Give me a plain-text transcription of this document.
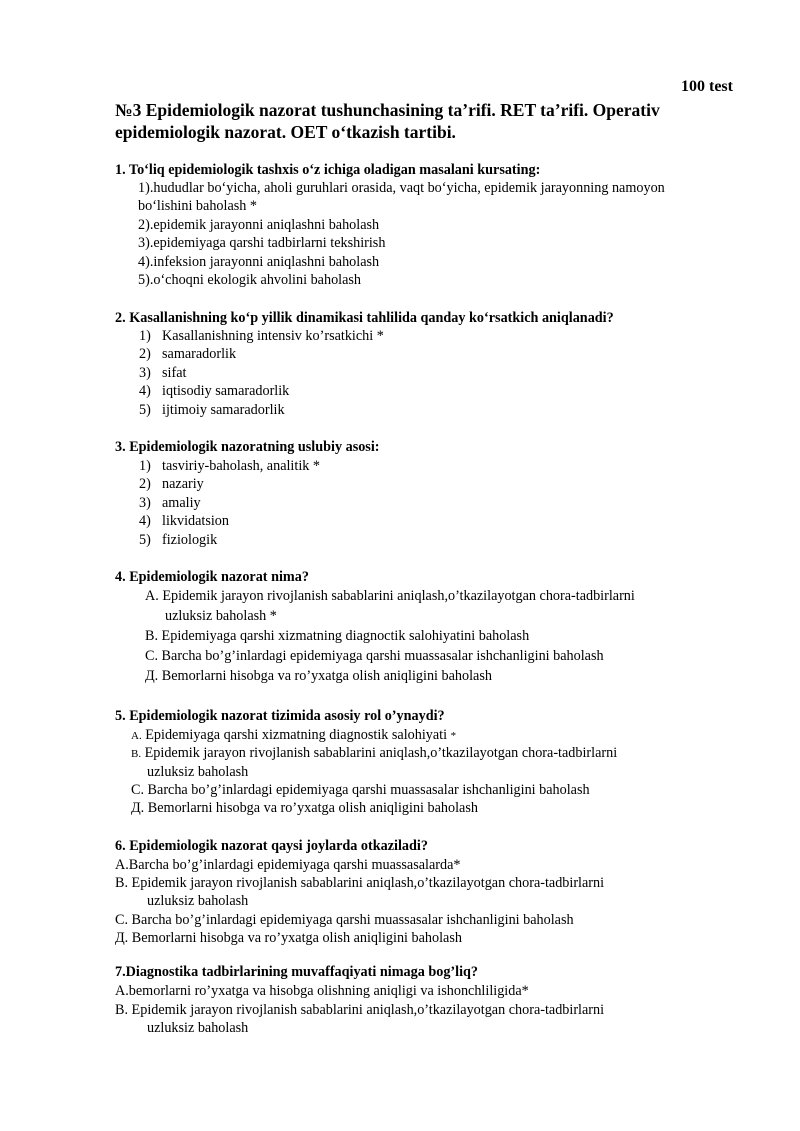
100 test
№3 Epidemiologik nazorat tushunchasining ta’rifi. RET ta’rifi. Operativ
epidemiologik nazorat. OET o‘tkazish tartibi.
1. To‘liq epidemiologik tashxis o‘z ichiga oladigan masalani kursating:
1).hududlar bo‘yicha, aholi guruhlari orasida, vaqt bo‘yicha, epidemik jarayonning namoyon
bo‘lishini baholash *
2).epidemik jarayonni aniqlashni baholash
3).epidemiyaga qarshi tadbirlarni tekshirish
4).infeksion jarayonni aniqlashni baholash
5).o‘choqni ekologik ahvolini baholash
2. Kasallanishning ko‘p yillik dinamikasi tahlilida qanday ko‘rsatkich aniqlanadi?
1) Kasallanishning intensiv ko’rsatkichi *
2) samaradorlik
3) sifat
4) iqtisodiy samaradorlik
5) ijtimoiy samaradorlik
3. Epidemiologik nazoratning uslubiy asosi:
1) tasviriy-baholash, analitik *
2) nazariy
3) amaliy
4) likvidatsion
5) fiziologik
4. Epidemiologik nazorat nima?
A. Epidemik jarayon rivojlanish sabablarini aniqlash,o’tkazilayotgan chora-tadbirlarni
uzluksiz baholash *
B. Epidemiyaga qarshi xizmatning diagnoctik salohiyatini baholash
C. Barcha bo’g’inlardagi epidemiyaga qarshi muassasalar ishchanligini baholash
Д. Bemorlarni hisobga va ro’yxatga olish aniqligini baholash
5. Epidemiologik nazorat tizimida asosiy rol o’ynaydi?
A. Epidemiyaga qarshi xizmatning diagnostik salohiyati *
B. Epidemik jarayon rivojlanish sabablarini aniqlash,o’tkazilayotgan chora-tadbirlarni
uzluksiz baholash
C. Barcha bo’g’inlardagi epidemiyaga qarshi muassasalar ishchanligini baholash
Д. Bemorlarni hisobga va ro’yxatga olish aniqligini baholash
6. Epidemiologik nazorat qaysi joylarda otkaziladi?
A.Barcha bo’g’inlardagi epidemiyaga qarshi muassasalarda*
B. Epidemik jarayon rivojlanish sabablarini aniqlash,o’tkazilayotgan chora-tadbirlarni
uzluksiz baholash
C. Barcha bo’g’inlardagi epidemiyaga qarshi muassasalar ishchanligini baholash
Д. Bemorlarni hisobga va ro’yxatga olish aniqligini baholash
7.Diagnostika tadbirlarining muvaffaqiyati nimaga bog’liq?
A.bemorlarni ro’yxatga va hisobga olishning aniqligi va ishonchliligida*
B. Epidemik jarayon rivojlanish sabablarini aniqlash,o’tkazilayotgan chora-tadbirlarni
uzluksiz baholash
